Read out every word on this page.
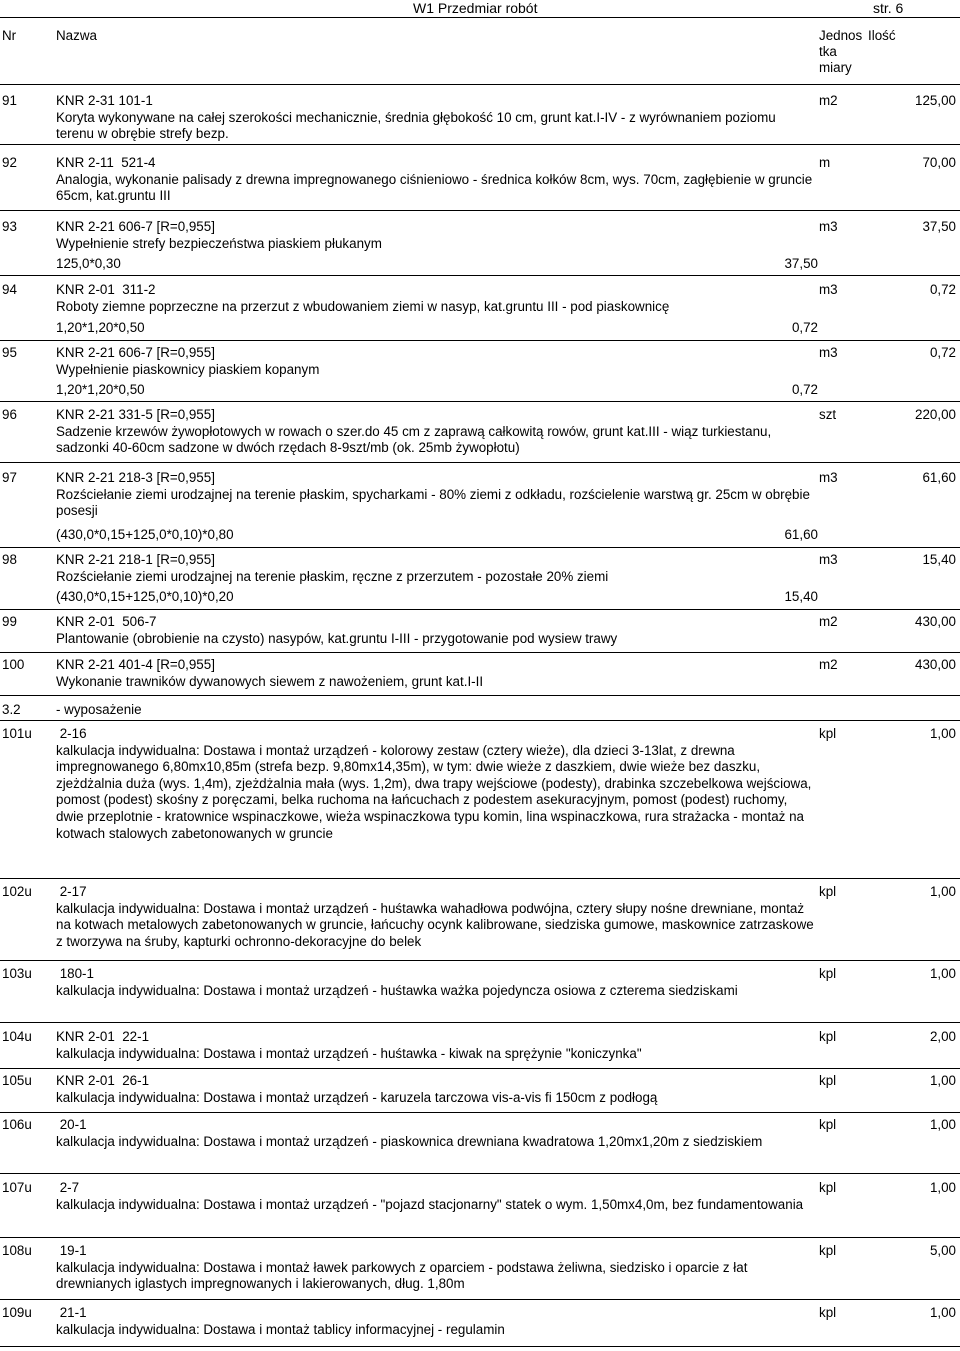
W1 Przedmiar robót	str. 6
Nr	Nazwa	Jednos tka miary
Ilość
91	KNR 2-31 101-1
Koryta wykonywane na całej szerokości mechanicznie, średnia głębokość 10 cm, grunt kat.I-IV - z wyrównaniem poziomu terenu w obrębie strefy bezp.
m2	125,00
92	KNR 2-11  521-4
Analogia, wykonanie palisady z drewna impregnowanego ciśnieniowo - średnica kołków 8cm, wys. 70cm, zagłębienie w gruncie 65cm, kat.gruntu III
m	70,00
93	KNR 2-21 606-7 [R=0,955]
Wypełnienie strefy bezpieczeństwa piaskiem płukanym
m3	37,50
125,0*0,30	37,50
94	KNR 2-01  311-2
Roboty ziemne poprzeczne na przerzut z wbudowaniem ziemi w nasyp, kat.gruntu III - pod piaskownicę
m3	0,72
1,20*1,20*0,50	0,72
95	KNR 2-21 606-7 [R=0,955]
Wypełnienie piaskownicy piaskiem kopanym
m3	0,72
1,20*1,20*0,50	0,72
96	KNR 2-21 331-5 [R=0,955]
Sadzenie krzewów żywopłotowych w rowach o szer.do 45 cm z zaprawą całkowitą rowów, grunt kat.III - wiąz turkiestanu, sadzonki 40-60cm sadzone w dwóch rzędach 8-9szt/mb (ok. 25mb żywopłotu)
szt	220,00
97	KNR 2-21 218-3 [R=0,955]
Rozściełanie ziemi urodzajnej na terenie płaskim, spycharkami - 80% ziemi z odkładu, rozścielenie warstwą gr. 25cm w obrębie posesji
m3	61,60
(430,0*0,15+125,0*0,10)*0,80	61,60
98	KNR 2-21 218-1 [R=0,955]
Rozściełanie ziemi urodzajnej na terenie płaskim, ręczne z przerzutem - pozostałe 20% ziemi
m3	15,40
(430,0*0,15+125,0*0,10)*0,20	15,40
99	KNR 2-01  506-7
Plantowanie (obrobienie na czysto) nasypów, kat.gruntu I-III - przygotowanie pod wysiew trawy
m2	430,00
100 KNR 2-21 401-4 [R=0,955]
Wykonanie trawników dywanowych siewem z nawożeniem, grunt kat.I-II
m2	430,00
3.2	- wyposażenie
101u 2-16
kalkulacja indywidualna: Dostawa i montaż urządzeń - kolorowy zestaw (cztery wieże), dla dzieci 3-13lat, z drewna impregnowanego 6,80mx10,85m (strefa bezp. 9,80mx14,35m), w tym: dwie wieże z daszkiem, dwie wieże bez daszku, zjeżdżalnia duża (wys. 1,4m), zjeżdżalnia mała (wys. 1,2m), dwa trapy wejściowe (podesty), drabinka szczebelkowa wejściowa, pomost (podest) skośny z poręczami, belka ruchoma na łańcuchach z podestem asekuracyjnym, pomost (podest) ruchomy, dwie przeplotnie - kratownice wspinaczkowe, wieża wspinaczkowa typu komin, lina wspinaczkowa, rura strażacka - montaż na kotwach stalowych zabetonowanych w gruncie
kpl	1,00
102u 2-17
kalkulacja indywidualna: Dostawa i montaż urządzeń - huśtawka wahadłowa podwójna, cztery słupy nośne drewniane, montaż na kotwach metalowych zabetonowanych w gruncie, łańcuchy ocynk kalibrowane, siedziska gumowe, maskownice zatrzaskowe z tworzywa na śruby, kapturki ochronno-dekoracyjne do belek
kpl	1,00
103u 180-1
kalkulacja indywidualna: Dostawa i montaż urządzeń - huśtawka ważka pojedyncza osiowa z czterema siedziskami
kpl	1,00
104u KNR 2-01  22-1
kalkulacja indywidualna: Dostawa i montaż urządzeń - huśtawka - kiwak na sprężynie "koniczynka"
kpl	2,00
105u KNR 2-01  26-1
kalkulacja indywidualna: Dostawa i montaż urządzeń - karuzela tarczowa vis-a-vis fi 150cm z podłogą
kpl	1,00
106u 20-1
kalkulacja indywidualna: Dostawa i montaż urządzeń - piaskownica drewniana kwadratowa 1,20mx1,20m z siedziskiem
kpl	1,00
107u 2-7
kalkulacja indywidualna: Dostawa i montaż urządzeń - "pojazd stacjonarny" statek o wym. 1,50mx4,0m, bez fundamentowania
kpl	1,00
108u 19-1
kalkulacja indywidualna: Dostawa i montaż ławek parkowych z oparciem - podstawa żeliwna, siedzisko i oparcie z łat drewnianych iglastych impregnowanych i lakierowanych, dług. 1,80m
kpl	5,00
109u 21-1
kalkulacja indywidualna: Dostawa i montaż tablicy informacyjnej - regulamin
kpl	1,00
